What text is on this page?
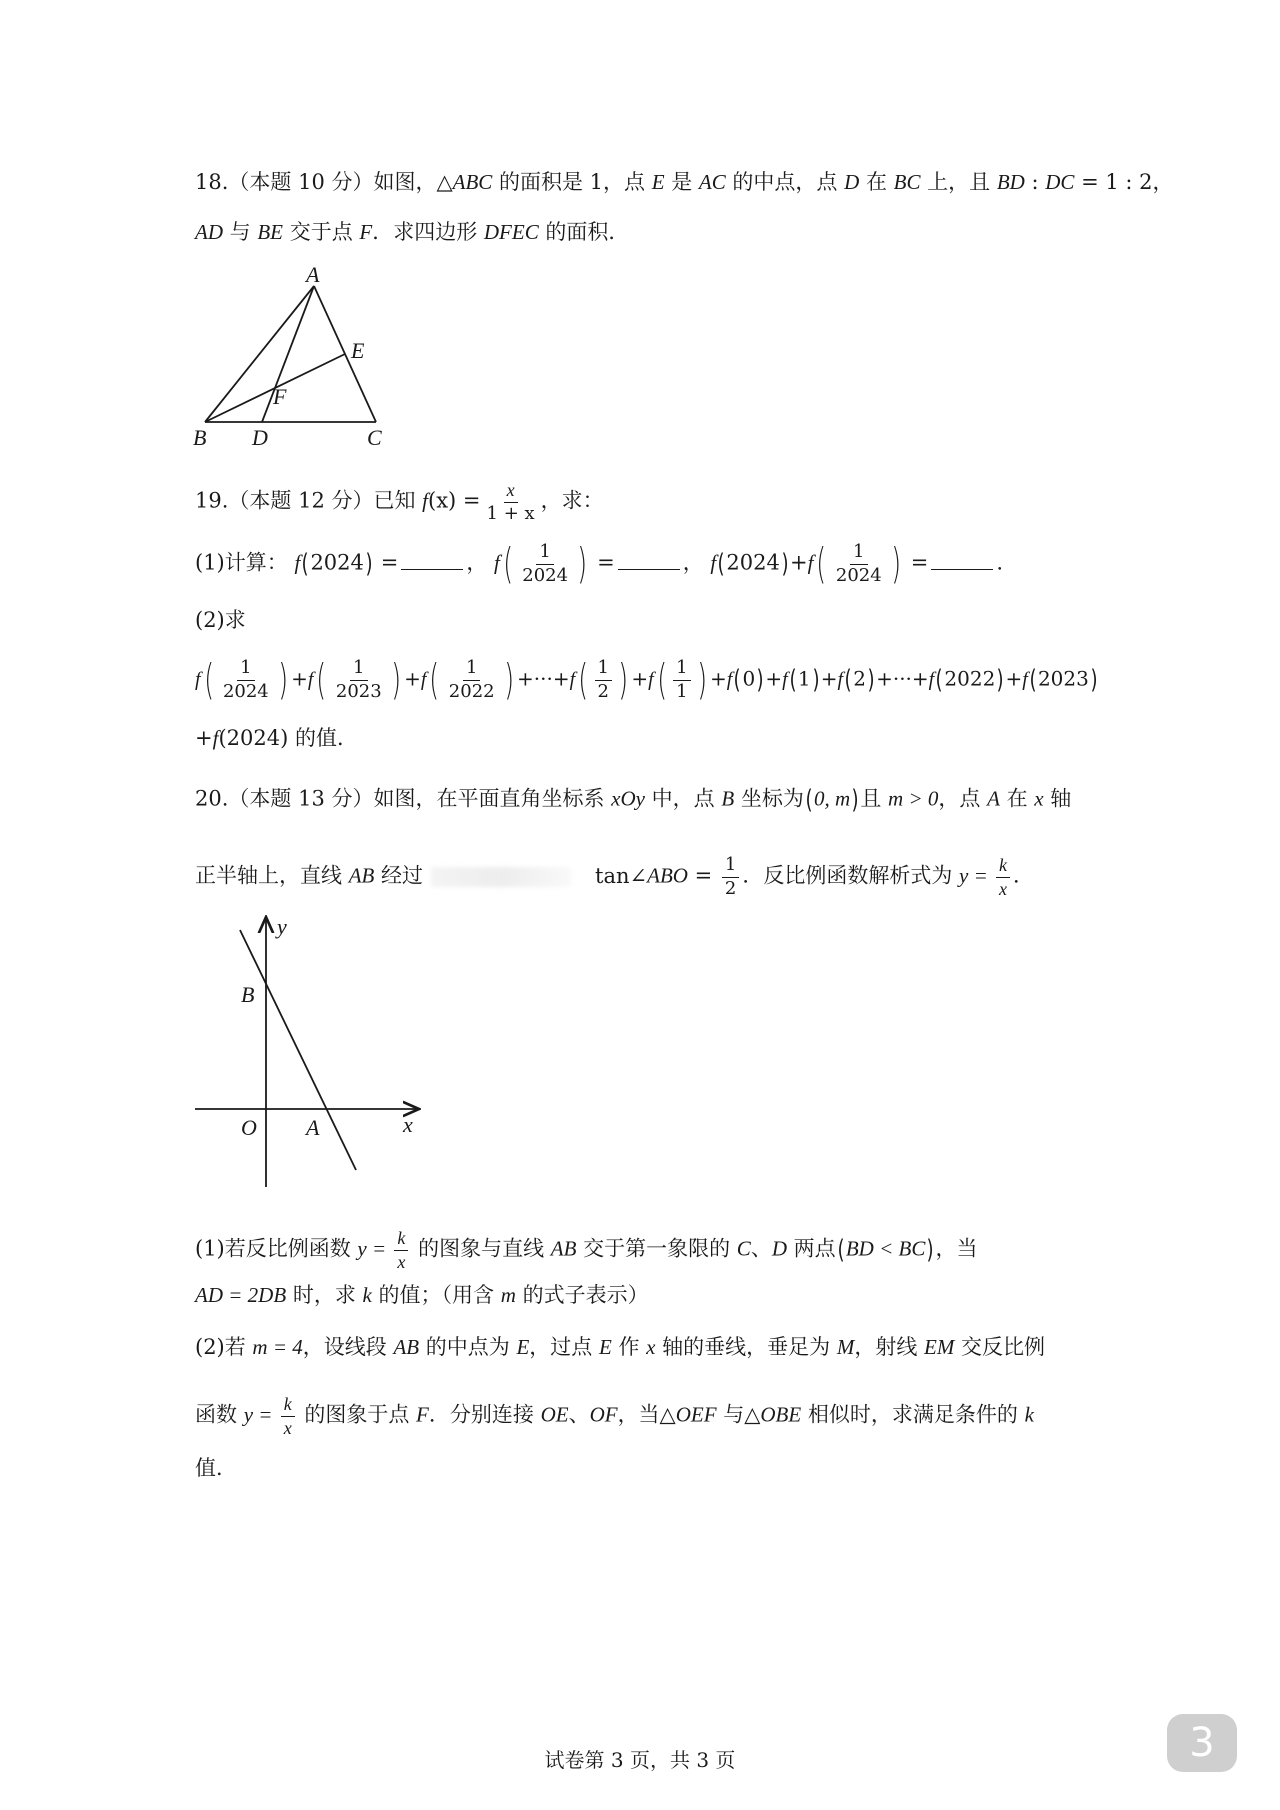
18.（本题 10 分）如图，△ABC 的面积是 1，点 E 是 AC 的中点，点 D 在 BC 上，且 BD : DC = 1 : 2，
AD 与 BE 交于点 F．求四边形 DFEC 的面积．
A
E
F
B D	C
19.（本题 12 分）已知 $f(x) = \frac{x}{1 + x}$ ，求：
(1)计算： f(2024) =	， $f( \frac{1}{2024}$ ) =	， $f(2024)+f( \frac{1}{2024}$ ) =	.
(2)求
$f( \frac{1}{2024}$ ) $+f( \frac{1}{2023}$ ) $+f( \frac{1}{2022}$ ) $+\cdot\cdot\cdot+f( \frac{1}{2}$ ) $+f( \frac{1}{1}$ ) +f(0)+f(1)+f(2)+···+f(2022)+f(2023)
+f(2024) 的值．
20.（本题 13 分）如图，在平面直角坐标系 xOy 中，点 B 坐标为(0, m)且 m > 0，点 A 在 x 轴
正半轴上，直线 AB 经过	tan∠ABO = $\frac{1}{2}$ ．反比例函数解析式为 $y = \frac{k}{x}$ ．
y
B
O A	x
(1)若反比例函数 $y = \frac{k}{x}$ 的图象与直线 AB 交于第一象限的 C、D 两点(BD < BC)，当
AD = 2DB 时，求 k 的值；（用含 m 的式子表示）
(2)若 m = 4，设线段 AB 的中点为 E，过点 E 作 x 轴的垂线，垂足为 M，射线 EM 交反比例
函数 $y = \frac{k}{x}$ 的图象于点 F．分别连接 OE、OF，当△OEF 与△OBE 相似时，求满足条件的 k
值．
试卷第 3 页，共 3 页	3
